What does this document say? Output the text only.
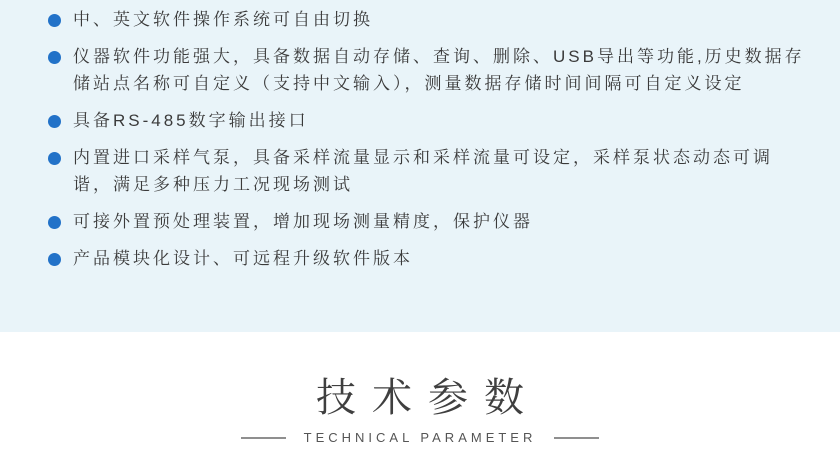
中、英文软件操作系统可自由切换
仪器软件功能强大，具备数据自动存储、查询、删除、USB导出等功能,历史数据存储站点名称可自定义（支持中文输入），测量数据存储时间间隔可自定义设定
具备RS-485数字输出接口
内置进口采样气泵，具备采样流量显示和采样流量可设定，采样泵状态动态可调谐，满足多种压力工况现场测试
可接外置预处理装置，增加现场测量精度，保护仪器
产品模块化设计、可远程升级软件版本
技术参数
TECHNICAL PARAMETER
